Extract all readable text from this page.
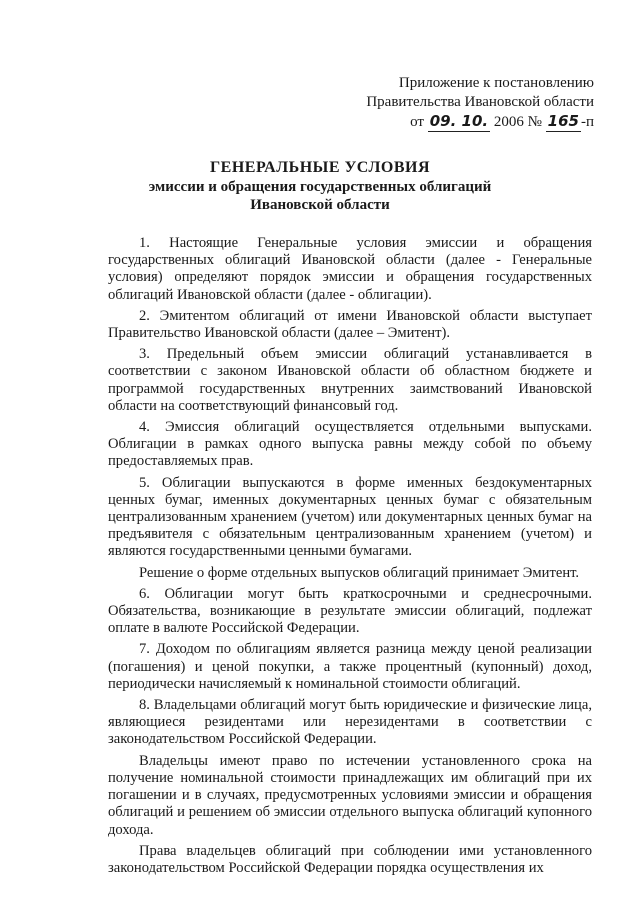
Приложение к постановлению
Правительства Ивановской области
от 09. 10. 2006 № 165 -п
ГЕНЕРАЛЬНЫЕ УСЛОВИЯ
эмиссии и обращения государственных облигаций
Ивановской области

1. Настоящие Генеральные условия эмиссии и обращения государственных облигаций Ивановской области (далее - Генеральные условия) определяют порядок эмиссии и обращения государственных облигаций Ивановской области (далее - облигации).

2. Эмитентом облигаций от имени Ивановской области выступает Правительство Ивановской области (далее – Эмитент).

3. Предельный объем эмиссии облигаций устанавливается в соответствии с законом Ивановской области об областном бюджете и программой государственных внутренних заимствований Ивановской области на соответствующий финансовый год.

4. Эмиссия облигаций осуществляется отдельными выпусками. Облигации в рамках одного выпуска равны между собой по объему предоставляемых прав.

5. Облигации выпускаются в форме именных бездокументарных ценных бумаг, именных документарных ценных бумаг с обязательным централизованным хранением (учетом) или документарных ценных бумаг на предъявителя с обязательным централизованным хранением (учетом) и являются государственными ценными бумагами.

Решение о форме отдельных выпусков облигаций принимает Эмитент.

6. Облигации могут быть краткосрочными и среднесрочными. Обязательства, возникающие в результате эмиссии облигаций, подлежат оплате в валюте Российской Федерации.

7. Доходом по облигациям является разница между ценой реализации (погашения) и ценой покупки, а также процентный (купонный) доход, периодически начисляемый к номинальной стоимости облигаций.

8. Владельцами облигаций могут быть юридические и физические лица, являющиеся резидентами или нерезидентами в соответствии с законодательством Российской Федерации.

Владельцы имеют право по истечении установленного срока на получение номинальной стоимости принадлежащих им облигаций при их погашении и в случаях, предусмотренных условиями эмиссии и обращения облигаций и решением об эмиссии отдельного выпуска облигаций купонного дохода.

Права владельцев облигаций при соблюдении ими установленного законодательством Российской Федерации порядка осуществления их
